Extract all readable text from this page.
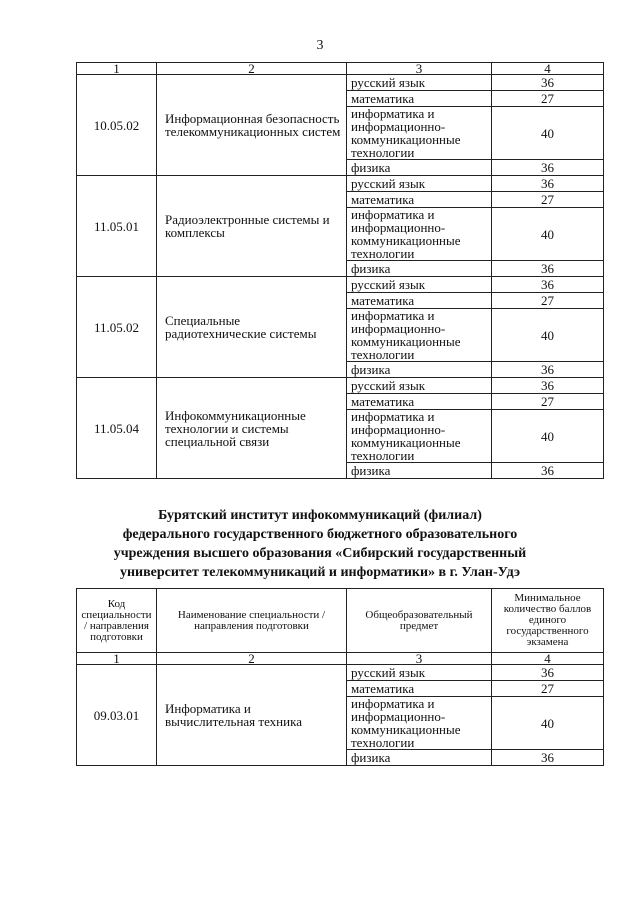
3
1	2	3	4
10.05.02	Информационная безопасность телекоммуникационных систем	русский язык	36
		математика	27
		информатика и информационно-коммуникационные технологии	40
		физика	36
11.05.01	Радиоэлектронные системы и комплексы	русский язык	36
		математика	27
		информатика и информационно-коммуникационные технологии	40
		физика	36
11.05.02	Специальные радиотехнические системы	русский язык	36
		математика	27
		информатика и информационно-коммуникационные технологии	40
		физика	36
11.05.04	Инфокоммуникационные технологии и системы специальной связи	русский язык	36
		математика	27
		информатика и информационно-коммуникационные технологии	40
		физика	36
Бурятский институт инфокоммуникаций (филиал)
федерального государственного бюджетного образовательного
учреждения высшего образования «Сибирский государственный
университет телекоммуникаций и информатики» в г. Улан-Удэ
Код специальности / направления подготовки	Наименование специальности / направления подготовки	Общеобразовательный предмет	Минимальное количество баллов единого государственного экзамена
1	2	3	4
09.03.01	Информатика и вычислительная техника	русский язык	36
		математика	27
		информатика и информационно-коммуникационные технологии	40
		физика	36
